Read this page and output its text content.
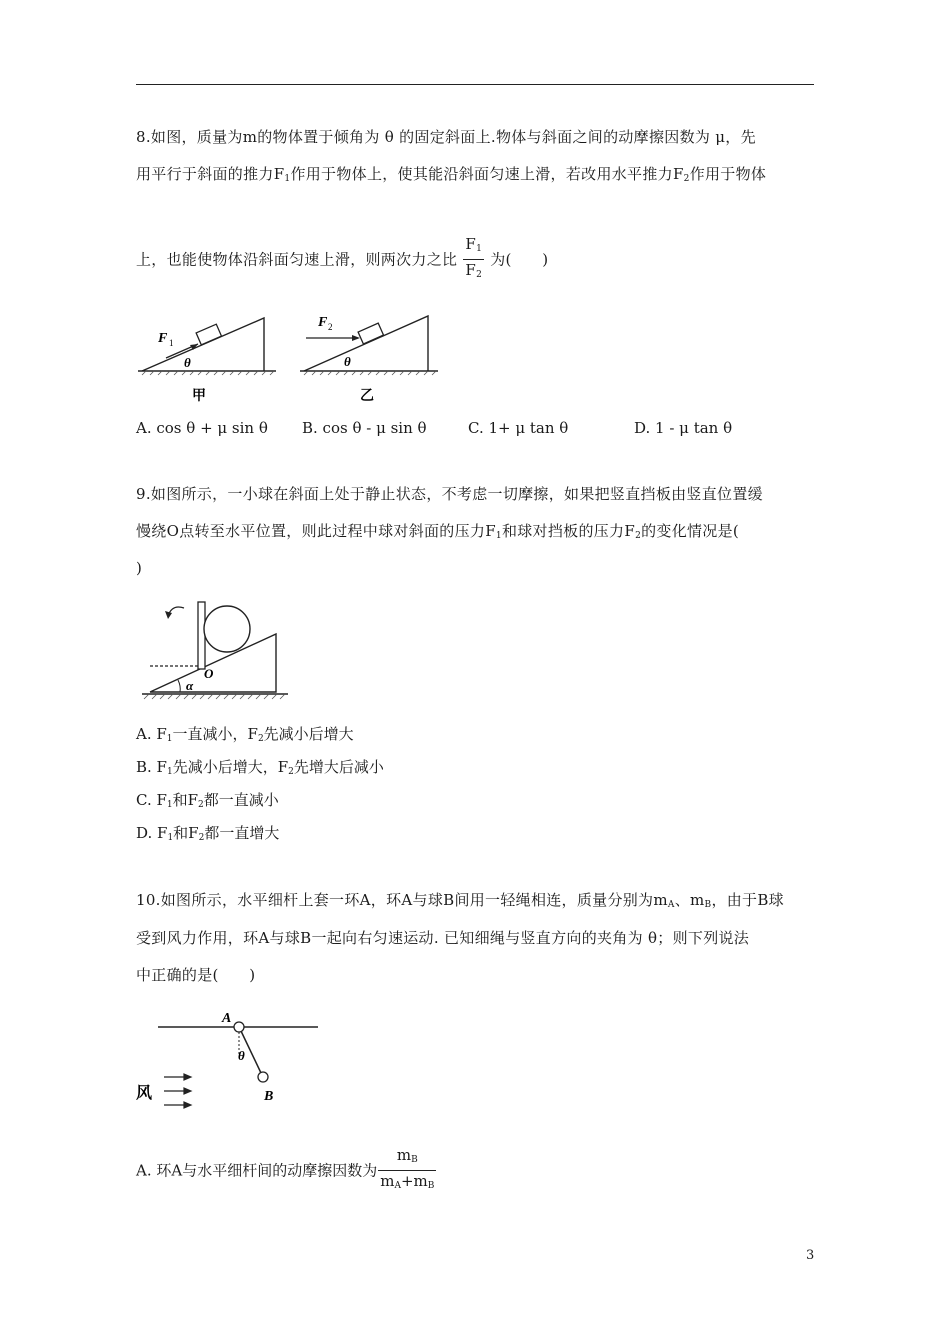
8.如图，质量为m的物体置于倾角为 θ 的固定斜面上.物体与斜面之间的动摩擦因数为 μ，先
用平行于斜面的推力$F_1$作用于物体上，使其能沿斜面匀速上滑，若改用水平推力$F_2$作用于物体
上，也能使物体沿斜面匀速上滑，则两次力之比 $\frac{F_1}{F_2}$ 为(　　)
F 1
θ
甲
F 2
θ
乙
A. cos θ + μ sin θ B. cos θ - μ sin θ	C. 1+ μ tan θ	D. 1 - μ tan θ
9.如图所示，一小球在斜面上处于静止状态，不考虑一切摩擦，如果把竖直挡板由竖直位置缓
慢绕O点转至水平位置，则此过程中球对斜面的压力$F_1$和球对挡板的压力$F_2$的变化情况是(
)
α
O
A. $F_1$一直减小，$F_2$先减小后增大
B. $F_1$先减小后增大，$F_2$先增大后减小
C. $F_1$和$F_2$都一直减小
D. $F_1$和$F_2$都一直增大
10.如图所示，水平细杆上套一环A，环A与球B间用一轻绳相连，质量分别为$m_A$、$m_B$，由于B球
受到风力作用，环A与球B一起向右匀速运动. 已知细绳与竖直方向的夹角为 θ；则下列说法
中正确的是(　　)
A
θ
B
风
A. 环A与水平细杆间的动摩擦因数为 $\frac{m_B}{m_A+m_B}$
3
